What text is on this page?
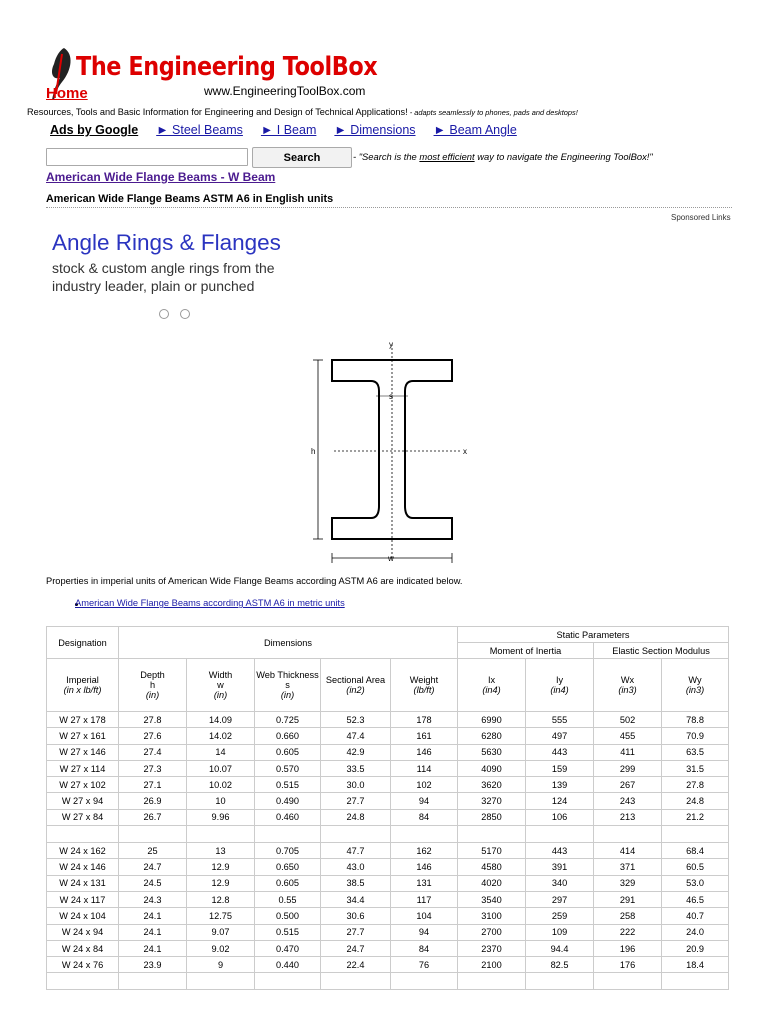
The Engineering ToolBox
Home	www.EngineeringToolBox.com
Resources, Tools and Basic Information for Engineering and Design of Technical Applications! - adapts seamlessly to phones, pads and desktops!
Ads by Google ► Steel Beams ► I Beam ► Dimensions ► Beam Angle
Search	- "Search is the most efficient way to navigate the Engineering ToolBox!"
American Wide Flange Beams - W Beam
American Wide Flange Beams ASTM A6 in English units
Sponsored Links
Angle Rings & Flanges
stock & custom angle rings from the industry leader, plain or punched
y
x
s
h
w
Properties in imperial units of American Wide Flange Beams according ASTM A6 are indicated below.
American Wide Flange Beams according ASTM A6 in metric units
Designation	Dimensions					Static Parameters			
						Moment of Inertia		Elastic Section Modulus	
Imperial
(in x lb/ft)	Depth
h
(in)	Width
w
(in)	Web Thickness
s
(in)	Sectional Area
(in2)	Weight
(lb/ft)	Ix
(in4)	Iy
(in4)	Wx
(in3)	Wy
(in3)
W 27 x 178	27.8	14.09	0.725	52.3	178	6990	555	502	78.8
W 27 x 161	27.6	14.02	0.660	47.4	161	6280	497	455	70.9
W 27 x 146	27.4	14	0.605	42.9	146	5630	443	411	63.5
W 27 x 114	27.3	10.07	0.570	33.5	114	4090	159	299	31.5
W 27 x 102	27.1	10.02	0.515	30.0	102	3620	139	267	27.8
W 27 x 94	26.9	10	0.490	27.7	94	3270	124	243	24.8
W 27 x 84	26.7	9.96	0.460	24.8	84	2850	106	213	21.2

W 24 x 162	25	13	0.705	47.7	162	5170	443	414	68.4
W 24 x 146	24.7	12.9	0.650	43.0	146	4580	391	371	60.5
W 24 x 131	24.5	12.9	0.605	38.5	131	4020	340	329	53.0
W 24 x 117	24.3	12.8	0.55	34.4	117	3540	297	291	46.5
W 24 x 104	24.1	12.75	0.500	30.6	104	3100	259	258	40.7
W 24 x 94	24.1	9.07	0.515	27.7	94	2700	109	222	24.0
W 24 x 84	24.1	9.02	0.470	24.7	84	2370	94.4	196	20.9
W 24 x 76	23.9	9	0.440	22.4	76	2100	82.5	176	18.4
